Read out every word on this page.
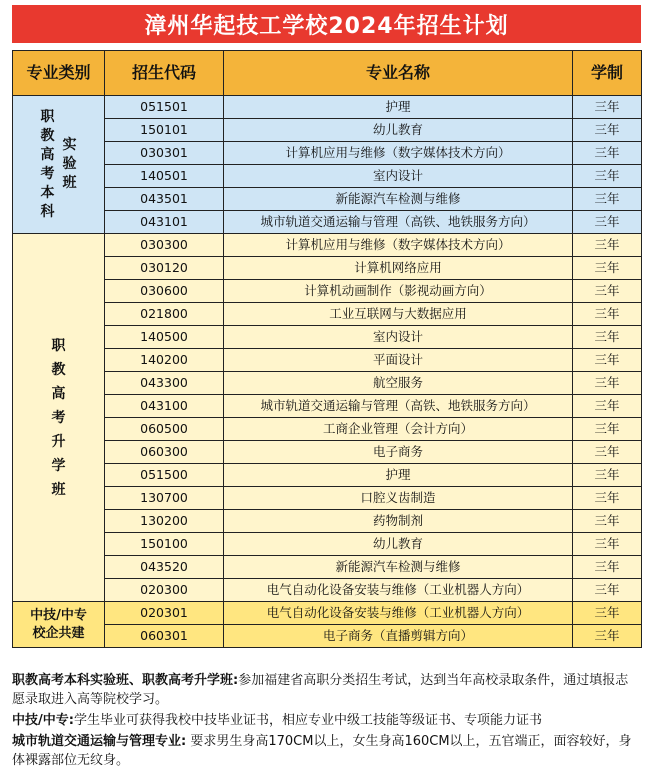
漳州华起技工学校2024年招生计划
专业类别	招生代码	专业名称	学制

职教高考本科
实验班	051501	护理	三年
	150101	幼儿教育	三年
	030301	计算机应用与维修（数字媒体技术方向）	三年
	140501	室内设计	三年
	043501	新能源汽车检测与维修	三年
	043101	城市轨道交通运输与管理（高铁、地铁服务方向）	三年
职教高考升学班	030300	计算机应用与维修（数字媒体技术方向）	三年
	030120	计算机网络应用	三年
	030600	计算机动画制作（影视动画方向）	三年
	021800	工业互联网与大数据应用	三年
	140500	室内设计	三年
	140200	平面设计	三年
	043300	航空服务	三年
	043100	城市轨道交通运输与管理（高铁、地铁服务方向）	三年
	060500	工商企业管理（会计方向）	三年
	060300	电子商务	三年
	051500	护理	三年
	130700	口腔义齿制造	三年
	130200	药物制剂	三年
	150100	幼儿教育	三年
	043520	新能源汽车检测与维修	三年
	020300	电气自动化设备安装与维修（工业机器人方向）	三年
中技/中专校企共建	020301	电气自动化设备安装与维修（工业机器人方向）	三年
	060301	电子商务（直播剪辑方向）	三年

职教高考本科实验班、职教高考升学班:参加福建省高职分类招生考试，达到当年高校录取条件，通过填报志愿录取进入高等院校学习。

中技/中专:学生毕业可获得我校中技毕业证书，相应专业中级工技能等级证书、专项能力证书

城市轨道交通运输与管理专业: 要求男生身高170CM以上，女生身高160CM以上，五官端正，面容较好，身体裸露部位无纹身。
